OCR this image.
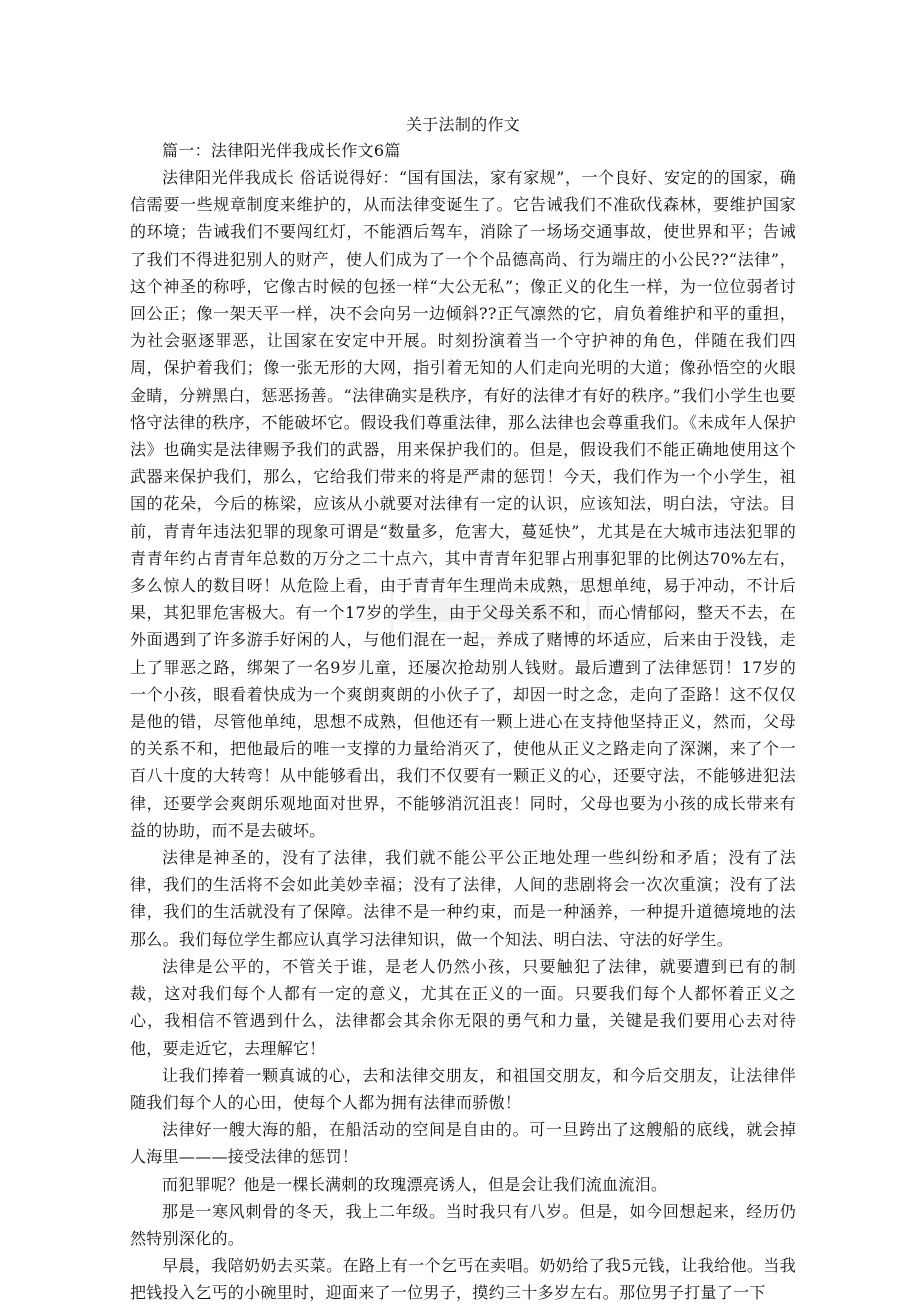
关于法制的作文

篇一：法律阳光伴我成长作文6篇

法律阳光伴我成长 俗话说得好：“国有国法，家有家规”，一个良好、安定的的国家，确信需要一些规章制度来维护的，从而法律变诞生了。它告诫我们不准砍伐森林，要维护国家的环境；告诫我们不要闯红灯，不能酒后驾车，消除了一场场交通事故，使世界和平；告诫了我们不得进犯别人的财产，使人们成为了一个个品德高尚、行为端庄的小公民??“法律”，这个神圣的称呼，它像古时候的包拯一样“大公无私”；像正义的化生一样，为一位位弱者讨回公正；像一架天平一样，决不会向另一边倾斜??正气凛然的它，肩负着维护和平的重担，为社会驱逐罪恶，让国家在安定中开展。时刻扮演着当一个守护神的角色，伴随在我们四周，保护着我们；像一张无形的大网，指引着无知的人们走向光明的大道；像孙悟空的火眼金睛，分辨黑白，惩恶扬善。“法律确实是秩序，有好的法律才有好的秩序。”我们小学生也要恪守法律的秩序，不能破坏它。假设我们尊重法律，那么法律也会尊重我们。《未成年人保护法》也确实是法律赐予我们的武器，用来保护我们的。但是，假设我们不能正确地使用这个武器来保护我们，那么，它给我们带来的将是严肃的惩罚！今天，我们作为一个小学生，祖国的花朵，今后的栋梁，应该从小就要对法律有一定的认识，应该知法，明白法，守法。目前，青青年违法犯罪的现象可谓是“数量多，危害大，蔓延快”，尤其是在大城市违法犯罪的青青年约占青青年总数的万分之二十点六，其中青青年犯罪占刑事犯罪的比例达70%左右，多么惊人的数目呀！从危险上看，由于青青年生理尚未成熟，思想单纯，易于冲动，不计后果，其犯罪危害极大。有一个17岁的学生，由于父母关系不和，而心情郁闷，整天不去，在外面遇到了许多游手好闲的人，与他们混在一起，养成了赌博的坏适应，后来由于没钱，走上了罪恶之路，绑架了一名9岁儿童，还屡次抢劫别人钱财。最后遭到了法律惩罚！17岁的一个小孩，眼看着快成为一个爽朗爽朗的小伙子了，却因一时之念，走向了歪路！这不仅仅是他的错，尽管他单纯，思想不成熟，但他还有一颗上进心在支持他坚持正义，然而，父母的关系不和，把他最后的唯一支撑的力量给消灭了，使他从正义之路走向了深渊，来了个一百八十度的大转弯！从中能够看出，我们不仅要有一颗正义的心，还要守法，不能够进犯法律，还要学会爽朗乐观地面对世界，不能够消沉沮丧！同时，父母也要为小孩的成长带来有益的协助，而不是去破坏。

法律是神圣的，没有了法律，我们就不能公平公正地处理一些纠纷和矛盾；没有了法律，我们的生活将不会如此美妙幸福；没有了法律，人间的悲剧将会一次次重演；没有了法律，我们的生活就没有了保障。法律不是一种约束，而是一种涵养，一种提升道德境地的法那么。我们每位学生都应认真学习法律知识，做一个知法、明白法、守法的好学生。

法律是公平的，不管关于谁，是老人仍然小孩，只要触犯了法律，就要遭到已有的制裁，这对我们每个人都有一定的意义，尤其在正义的一面。只要我们每个人都怀着正义之心，我相信不管遇到什么，法律都会其余你无限的勇气和力量，关键是我们要用心去对待他，要走近它，去理解它！

让我们捧着一颗真诚的心，去和法律交朋友，和祖国交朋友，和今后交朋友，让法律伴随我们每个人的心田，使每个人都为拥有法律而骄傲！

法律好一艘大海的船，在船活动的空间是自由的。可一旦跨出了这艘船的底线，就会掉人海里———接受法律的惩罚！

而犯罪呢？他是一棵长满刺的玫瑰漂亮诱人，但是会让我们流血流泪。

那是一寒风刺骨的冬天，我上二年级。当时我只有八岁。但是，如今回想起来，经历仍然特别深化的。

早晨，我陪奶奶去买菜。在路上有一个乞丐在卖唱。奶奶给了我5元钱，让我给他。当我把钱投入乞丐的小碗里时，迎面来了一位男子，摸约三十多岁左右。那位男子打量了一下
